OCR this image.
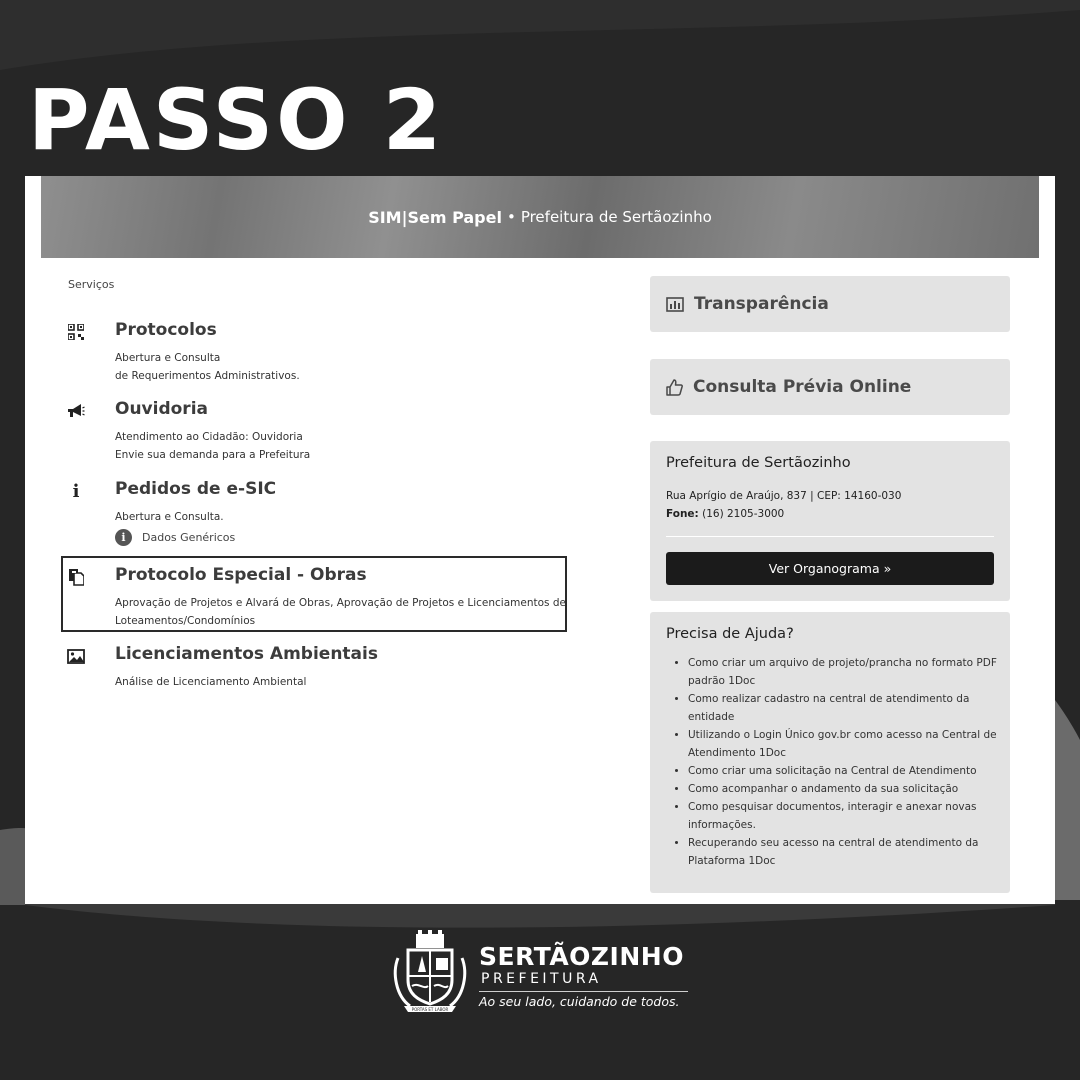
PASSO 2
SIM|Sem Papel • Prefeitura de Sertãozinho
Serviços
Protocolos
Abertura e Consulta
de Requerimentos Administrativos.
Ouvidoria
Atendimento ao Cidadão: Ouvidoria
Envie sua demanda para a Prefeitura
i	Pedidos de e-SIC
Abertura e Consulta.
i	Dados Genéricos
Protocolo Especial - Obras
Aprovação de Projetos e Alvará de Obras, Aprovação de Projetos e Licenciamentos de
Loteamentos/Condomínios
Licenciamentos Ambientais
Análise de Licenciamento Ambiental
Transparência
Consulta Prévia Online
Prefeitura de Sertãozinho
Rua Aprígio de Araújo, 837 | CEP: 14160-030
Fone: (16) 2105-3000
Ver Organograma »
Precisa de Ajuda?
• Como criar um arquivo de projeto/prancha no formato PDF padrão 1Doc
• Como realizar cadastro na central de atendimento da entidade
• Utilizando o Login Único gov.br como acesso na Central de Atendimento 1Doc
• Como criar uma solicitação na Central de Atendimento
• Como acompanhar o andamento da sua solicitação
• Como pesquisar documentos, interagir e anexar novas informações.
• Recuperando seu acesso na central de atendimento da Plataforma 1Doc
PORTAS ET LABOR
SERTÃOZINHO
PREFEITURA
Ao seu lado, cuidando de todos.
